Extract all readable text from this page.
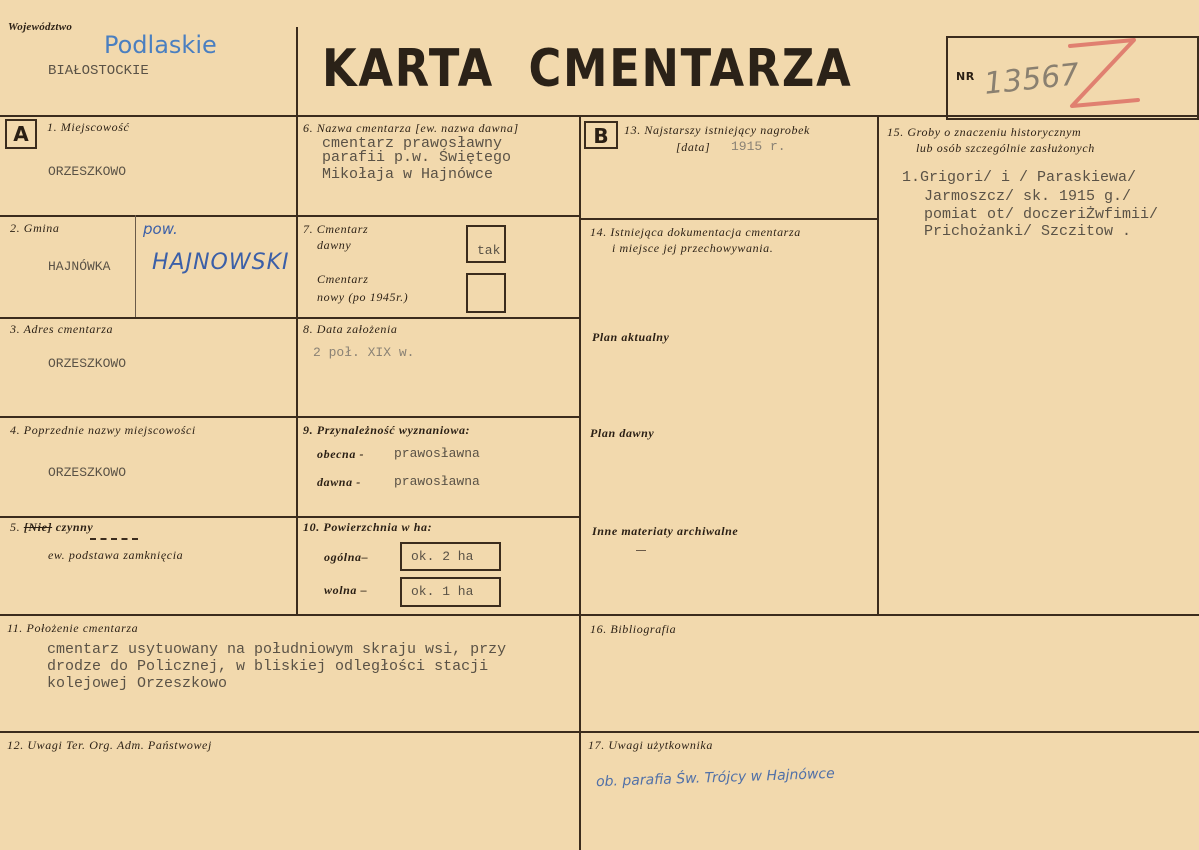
Województwo
Podlaskie
BIAŁOSTOCKIE	KARTA  CMENTARZA	NR 13567
A	1. Miejscowość
ORZESZKOWO
2. Gmina
HAJNÓWKA
pow.
HAJNOWSKI
3. Adres cmentarza
ORZESZKOWO
4. Poprzednie nazwy miejscowości
ORZESZKOWO
5. [Nie] czynny
ew. podstawa zamknięcia
6. Nazwa cmentarza [ew. nazwa dawna]
cmentarz prawosławny
parafii p.w. Świętego
Mikołaja w Hajnówce
7. Cmentarz
dawny	tak
Cmentarz
nowy (po 1945r.)
8. Data założenia
2 poł. XIX w.
9. Przynależność wyznaniowa:
obecna - prawosławna
dawna -	prawosławna
10. Powierzchnia w ha:
ogólna–	ok. 2 ha
wolna –	ok. 1 ha
B	13. Najstarszy istniejący nagrobek
[data] 1915 r.
14. Istniejąca dokumentacja cmentarza
i miejsce jej przechowywania.
Plan aktualny
Plan dawny
Inne materiaty archiwalne
15. Groby o znaczeniu historycznym
lub osób szczególnie zasłużonych
1.Grigori/ i / Paraskiewa/
Jarmoszcz/ sk. 1915 g./
pomiat ot/ doczeriŻwfimii/
Prichożanki/ Szczitow .
11. Położenie cmentarza
cmentarz usytuowany na południowym skraju wsi, przy
drodze do Policznej, w bliskiej odległości stacji
kolejowej Orzeszkowo
16. Bibliografia
12. Uwagi Ter. Org. Adm. Państwowej	17. Uwagi użytkownika
ob. parafia Św. Trójcy w Hajnówce
